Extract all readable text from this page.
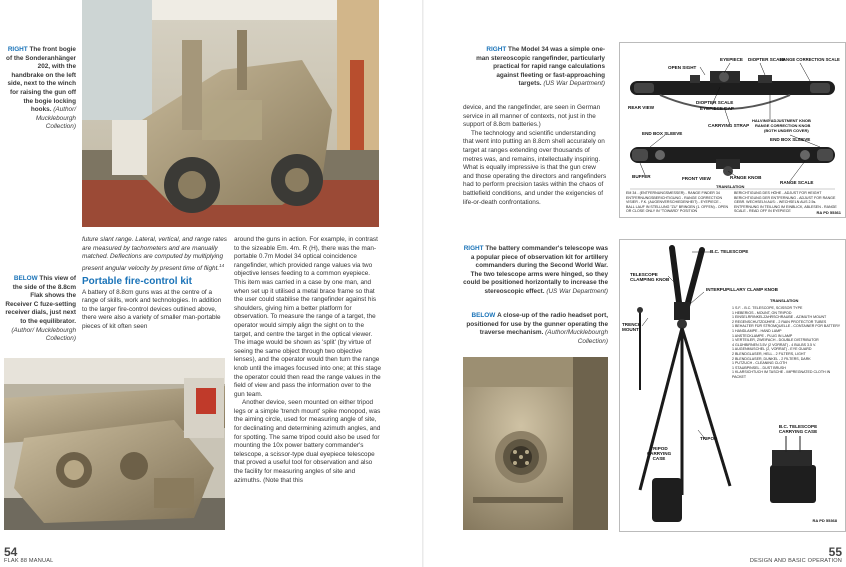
RIGHT The front bogie of the Sonderanhänger 202, with the handbrake on the left side, next to the winch for raising the gun off the bogie locking hooks. (Author/ Mucklebourgh Collection)
BELOW This view of the side of the 8.8cm Flak shows the Receiver C fuze-setting receiver dials, just next to the equilibrator. (Author/ Mucklebourgh Collection)

future slant range. Lateral, vertical, and range rates are measured by tachometers and are manually matched. Deflections are computed by multiplying present angular velocity by present time of flight.$^{14}$

Portable fire-control kit

A battery of 8.8cm guns was at the centre of a range of skills, work and technologies. In addition to the larger fire-control devices outlined above, there were also a variety of smaller man-portable pieces of kit often seen

around the guns in action. For example, in contrast to the sizeable Em. 4m. R (H), there was the man-portable 0.7m Model 34 optical coincidence rangefinder, which provided range values via two objective lenses feeding to a common eyepiece. This item was carried in a case by one man, and when set up it utilised a metal brace frame so that the user could stabilise the rangefinder against his shoulders, giving him a better platform for observation. To measure the range of a target, the operator would simply align the sight on to the target, and centre the target in the optical viewer. The image would be shown as 'split' (by virtue of seeing the same object through two objective lenses), and the operator would then turn the range knob until the images focused into one; at this stage the operator could then read the range values in the field of view and pass the information over to the gun team.

Another device, seen mounted on either tripod legs or a simple 'trench mount' spike monopod, was the aiming circle, used for measuring angle of site, for declinating and determining azimuth angles, and for spotting. The same tripod could also be used for mounting the 10x power battery commander's telescope, a scissor-type dual eyepiece telescope that proved a useful tool for observation and also the facility for measuring angles of site and azimuths. (Note that this

54
FLAK 88 MANUAL
RIGHT The Model 34 was a simple one-man stereoscopic rangefinder, particularly practical for rapid range calculations against fleeting or fast-approaching targets. (US War Department)

device, and the rangefinder, are seen in German service in all manner of contexts, not just in the support of 8.8cm batteries.)

The technology and scientific understanding that went into putting an 8.8cm shell accurately on target at ranges extending over thousands of metres was, and remains, intellectually inspiring. What is equally impressive is that the gun crew and those operating the directors and rangefinders had to perform precision tasks within the chaos of battlefield conditions, and under the exigencies of life-or-death confrontations.

RIGHT The battery commander's telescope was a popular piece of observation kit for artillery commanders during the Second World War. The two telescope arms were hinged, so they could be positioned horizontally to increase the stereoscopic effect. (US War Department)
BELOW A close-up of the radio headset port, positioned for use by the gunner operating the traverse mechanism. (Author/Mucklebourgh Collection)
OPEN SIGHT
EYEPIECE DIOPTER SCALE
RANGE CORRECTION SCALE
DIOPTER SCALE
EYEPIECE CAP
REAR VIEW
CARRYING STRAP
HALVING ADJUSTMENT KNOB
RANGE CORRECTION KNOB
(BOTH UNDER COVER)
END BOX SLEEVE
END BOX SLEEVE
BUFFER	FRONT VIEW	RANGE KNOB
RANGE SCALE
TRANSLATION
EM 34 - (ENTFERNUNGSMESSER) - RANGE FINDER 34 ENTFERNUNGSBERICHTIGUNG - RANGE CORRECTION VISIER - F.K. (AUGENVERSCHIEDENHEIT) - EYEPIECE - BALL LAUF IN STELLUNG "ZU" BRINGEN (1. OFFEN) - OPEN OR CLOSE ONLY IN "TOWARD" POSITION
BERICHTIGUNG DES HÖHE - ADJUST FOR HEIGHT BERICHTIGUNG DER ENTFERNUNG - ADJUST FOR RANGE GEBR. WECHSELN AUS: - WECHSELN AUS 2.5s. ENTFERNUNG IN TEILUNG IM EINBLICK, ABLESEN - RANGE SCALE - READ OFF IN EYEPIECE	RA PD 55361
B.C. TELESCOPE
TELESCOPE CLAMPING KNOB
INTERPUPILLARY CLAMP KNOB
TRANSLATION
TRENCH MOUNT
1 S.F. - B.C. TELESCOPE, SCISSOR TYPE
1 HEBERIOS - MOUNT, ON TRIPOD
1 EINSELRRINKELZAHRSCHRAUBE - AZIMUTH MOUNT
2 REGENSCHUTZDÜHRE - 2 RAIN PROTECTOR TUBES
1 BEHALTER FÜR STROMQUELLE - CONTAINER FOR BATTERY
1 HANDLAMPE - HAND LAMP
1 ANSTECKLAMPE - PLUG IN LAMP
1 VERTEILER, ZWEIFACH - DOUBLE DISTRIBUTOR
4 GLÜHBIRNEN 3.5V (2 VORRAT) - 4 BULBS 3.5 V.
1 AUGENMUSCHEL (2, VORRAT) - EYE GUARD
2 BLENDGLASER, HELL - 2 FILTERS, LIGHT
2 BLENDGLASER, DUNKEL - 2 FILTERS, DARK
1 PUTZUCH - CLEANING CLOTH
1 STAUBPINSEL - DUST BRUSH
1 KLARSICHTUCH IM TASCHE - IMPREGNATED CLOTH IN PACKET
TRIPOD
TRIPOD CARRYING CASE
B.C. TELESCOPE CARRYING CASE
RA PD 55368
55
DESIGN AND BASIC OPERATION
